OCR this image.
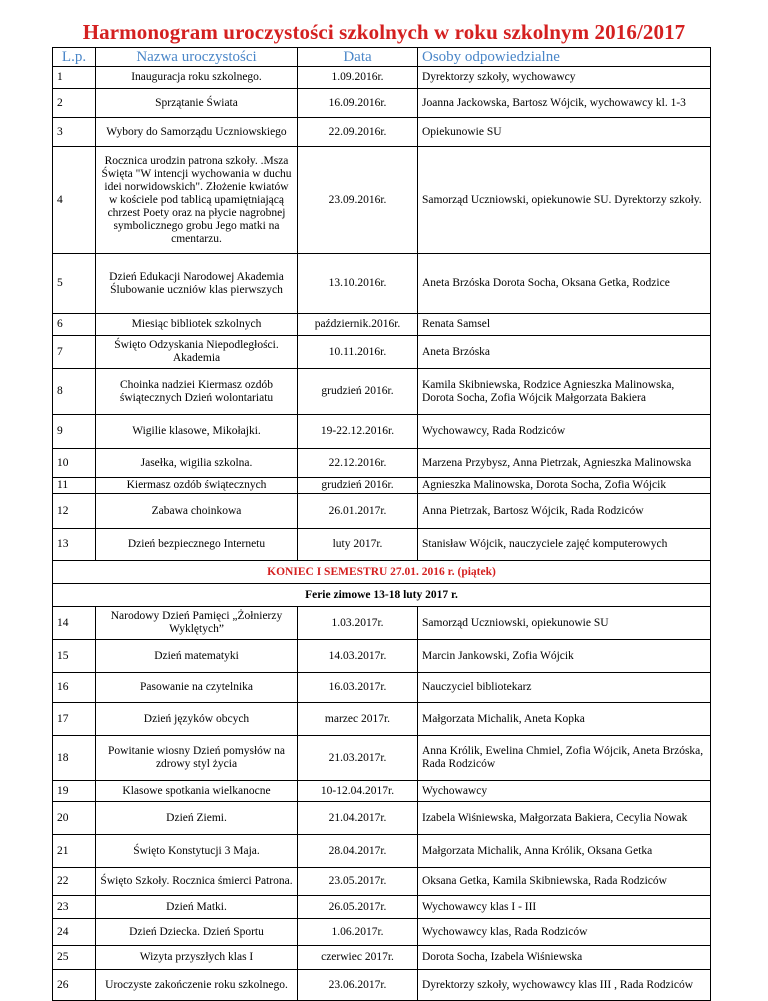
Harmonogram uroczystości szkolnych w roku szkolnym 2016/2017
L.p.	Nazwa uroczystości	Data	Osoby odpowiedzialne
1	Inauguracja roku szkolnego.	1.09.2016r.	Dyrektorzy szkoły, wychowawcy
2	Sprzątanie Świata	16.09.2016r.	Joanna Jackowska, Bartosz Wójcik, wychowawcy kl. 1-3
3	Wybory do Samorządu Uczniowskiego	22.09.2016r.	Opiekunowie SU
4	Rocznica urodzin patrona szkoły. .Msza Święta "W intencji wychowania w duchu idei norwidowskich". Złożenie kwiatów w kościele pod tablicą upamiętniającą chrzest Poety oraz na płycie nagrobnej symbolicznego grobu Jego matki na cmentarzu.	23.09.2016r.	Samorząd Uczniowski, opiekunowie SU. Dyrektorzy szkoły.
5	Dzień Edukacji Narodowej Akademia Ślubowanie uczniów klas pierwszych	13.10.2016r.	Aneta Brzóska Dorota Socha, Oksana Getka, Rodzice
6	Miesiąc bibliotek szkolnych	październik.2016r.	Renata Samsel
7	Święto Odzyskania Niepodległości. Akademia	10.11.2016r.	Aneta Brzóska
8	Choinka nadziei Kiermasz ozdób świątecznych Dzień wolontariatu	grudzień 2016r.	Kamila Skibniewska, Rodzice Agnieszka Malinowska, Dorota Socha, Zofia Wójcik Małgorzata Bakiera
9	Wigilie klasowe, Mikołajki.	19-22.12.2016r.	Wychowawcy, Rada Rodziców
10	Jasełka, wigilia szkolna.	22.12.2016r.	Marzena Przybysz, Anna Pietrzak, Agnieszka Malinowska
11	Kiermasz ozdób świątecznych	grudzień 2016r.	Agnieszka Malinowska, Dorota Socha, Zofia Wójcik
12	Zabawa choinkowa	26.01.2017r.	Anna Pietrzak, Bartosz Wójcik, Rada Rodziców
13	Dzień bezpiecznego Internetu	luty 2017r.	Stanisław Wójcik, nauczyciele zajęć komputerowych
KONIEC I SEMESTRU 27.01. 2016 r. (piątek)			
Ferie zimowe 13-18 luty 2017 r.			
14	Narodowy Dzień Pamięci „Żołnierzy Wyklętych”	1.03.2017r.	Samorząd Uczniowski, opiekunowie SU
15	Dzień matematyki	14.03.2017r.	Marcin Jankowski, Zofia Wójcik
16	Pasowanie na czytelnika	16.03.2017r.	Nauczyciel bibliotekarz
17	Dzień języków obcych	marzec 2017r.	Małgorzata Michalik, Aneta Kopka
18	Powitanie wiosny Dzień pomysłów na zdrowy styl życia	21.03.2017r.	Anna Królik, Ewelina Chmiel, Zofia Wójcik, Aneta Brzóska, Rada Rodziców
19	Klasowe spotkania wielkanocne	10-12.04.2017r.	Wychowawcy
20	Dzień Ziemi.	21.04.2017r.	Izabela Wiśniewska, Małgorzata Bakiera, Cecylia Nowak
21	Święto Konstytucji 3 Maja.	28.04.2017r.	Małgorzata Michalik, Anna Królik, Oksana Getka
22	Święto Szkoły. Rocznica śmierci Patrona.	23.05.2017r.	Oksana Getka, Kamila Skibniewska, Rada Rodziców
23	Dzień Matki.	26.05.2017r.	Wychowawcy klas I - III
24	Dzień Dziecka. Dzień Sportu	1.06.2017r.	Wychowawcy klas, Rada Rodziców
25	Wizyta przyszłych klas I	czerwiec 2017r.	Dorota Socha, Izabela Wiśniewska
26	Uroczyste zakończenie roku szkolnego.	23.06.2017r.	Dyrektorzy szkoły, wychowawcy klas III , Rada Rodziców
